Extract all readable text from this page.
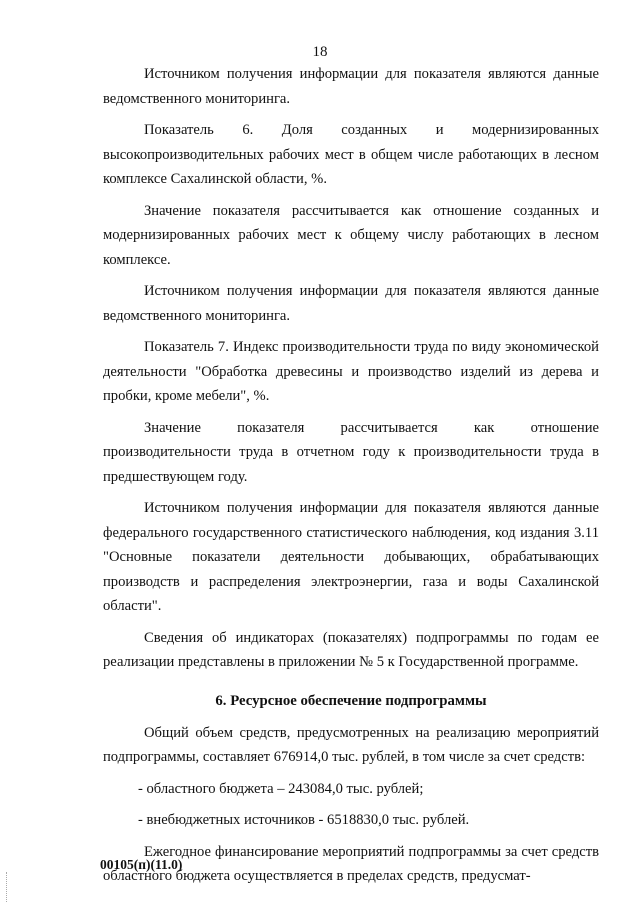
18

Источником получения информации для показателя являются данные ведомственного мониторинга.

Показатель 6. Доля созданных и модернизированных высокопроизводительных рабочих мест в общем числе работающих в лесном комплексе Сахалинской области, %.

Значение показателя рассчитывается как отношение созданных и модернизированных рабочих мест к общему числу работающих в лесном комплексе.

Источником получения информации для показателя являются данные ведомственного мониторинга.

Показатель 7. Индекс производительности труда по виду экономической деятельности "Обработка древесины и производство изделий из дерева и пробки, кроме мебели", %.

Значение показателя рассчитывается как отношение производительности труда в отчетном году к производительности труда в предшествующем году.

Источником получения информации для показателя являются данные федерального государственного статистического наблюдения, код издания 3.11 "Основные показатели деятельности добывающих, обрабатывающих производств и распределения электроэнергии, газа и воды Сахалинской области".

Сведения об индикаторах (показателях) подпрограммы по годам ее реализации представлены в приложении № 5 к Государственной программе.

6. Ресурсное обеспечение подпрограммы

Общий объем средств, предусмотренных на реализацию мероприятий подпрограммы, составляет 676914,0 тыс. рублей, в том числе за счет средств:

- областного бюджета – 243084,0 тыс. рублей;

- внебюджетных источников - 6518830,0 тыс. рублей.

Ежегодное финансирование мероприятий подпрограммы за счет средств областного бюджета осуществляется в пределах средств, предусмат-

00105(п)(11.0)
